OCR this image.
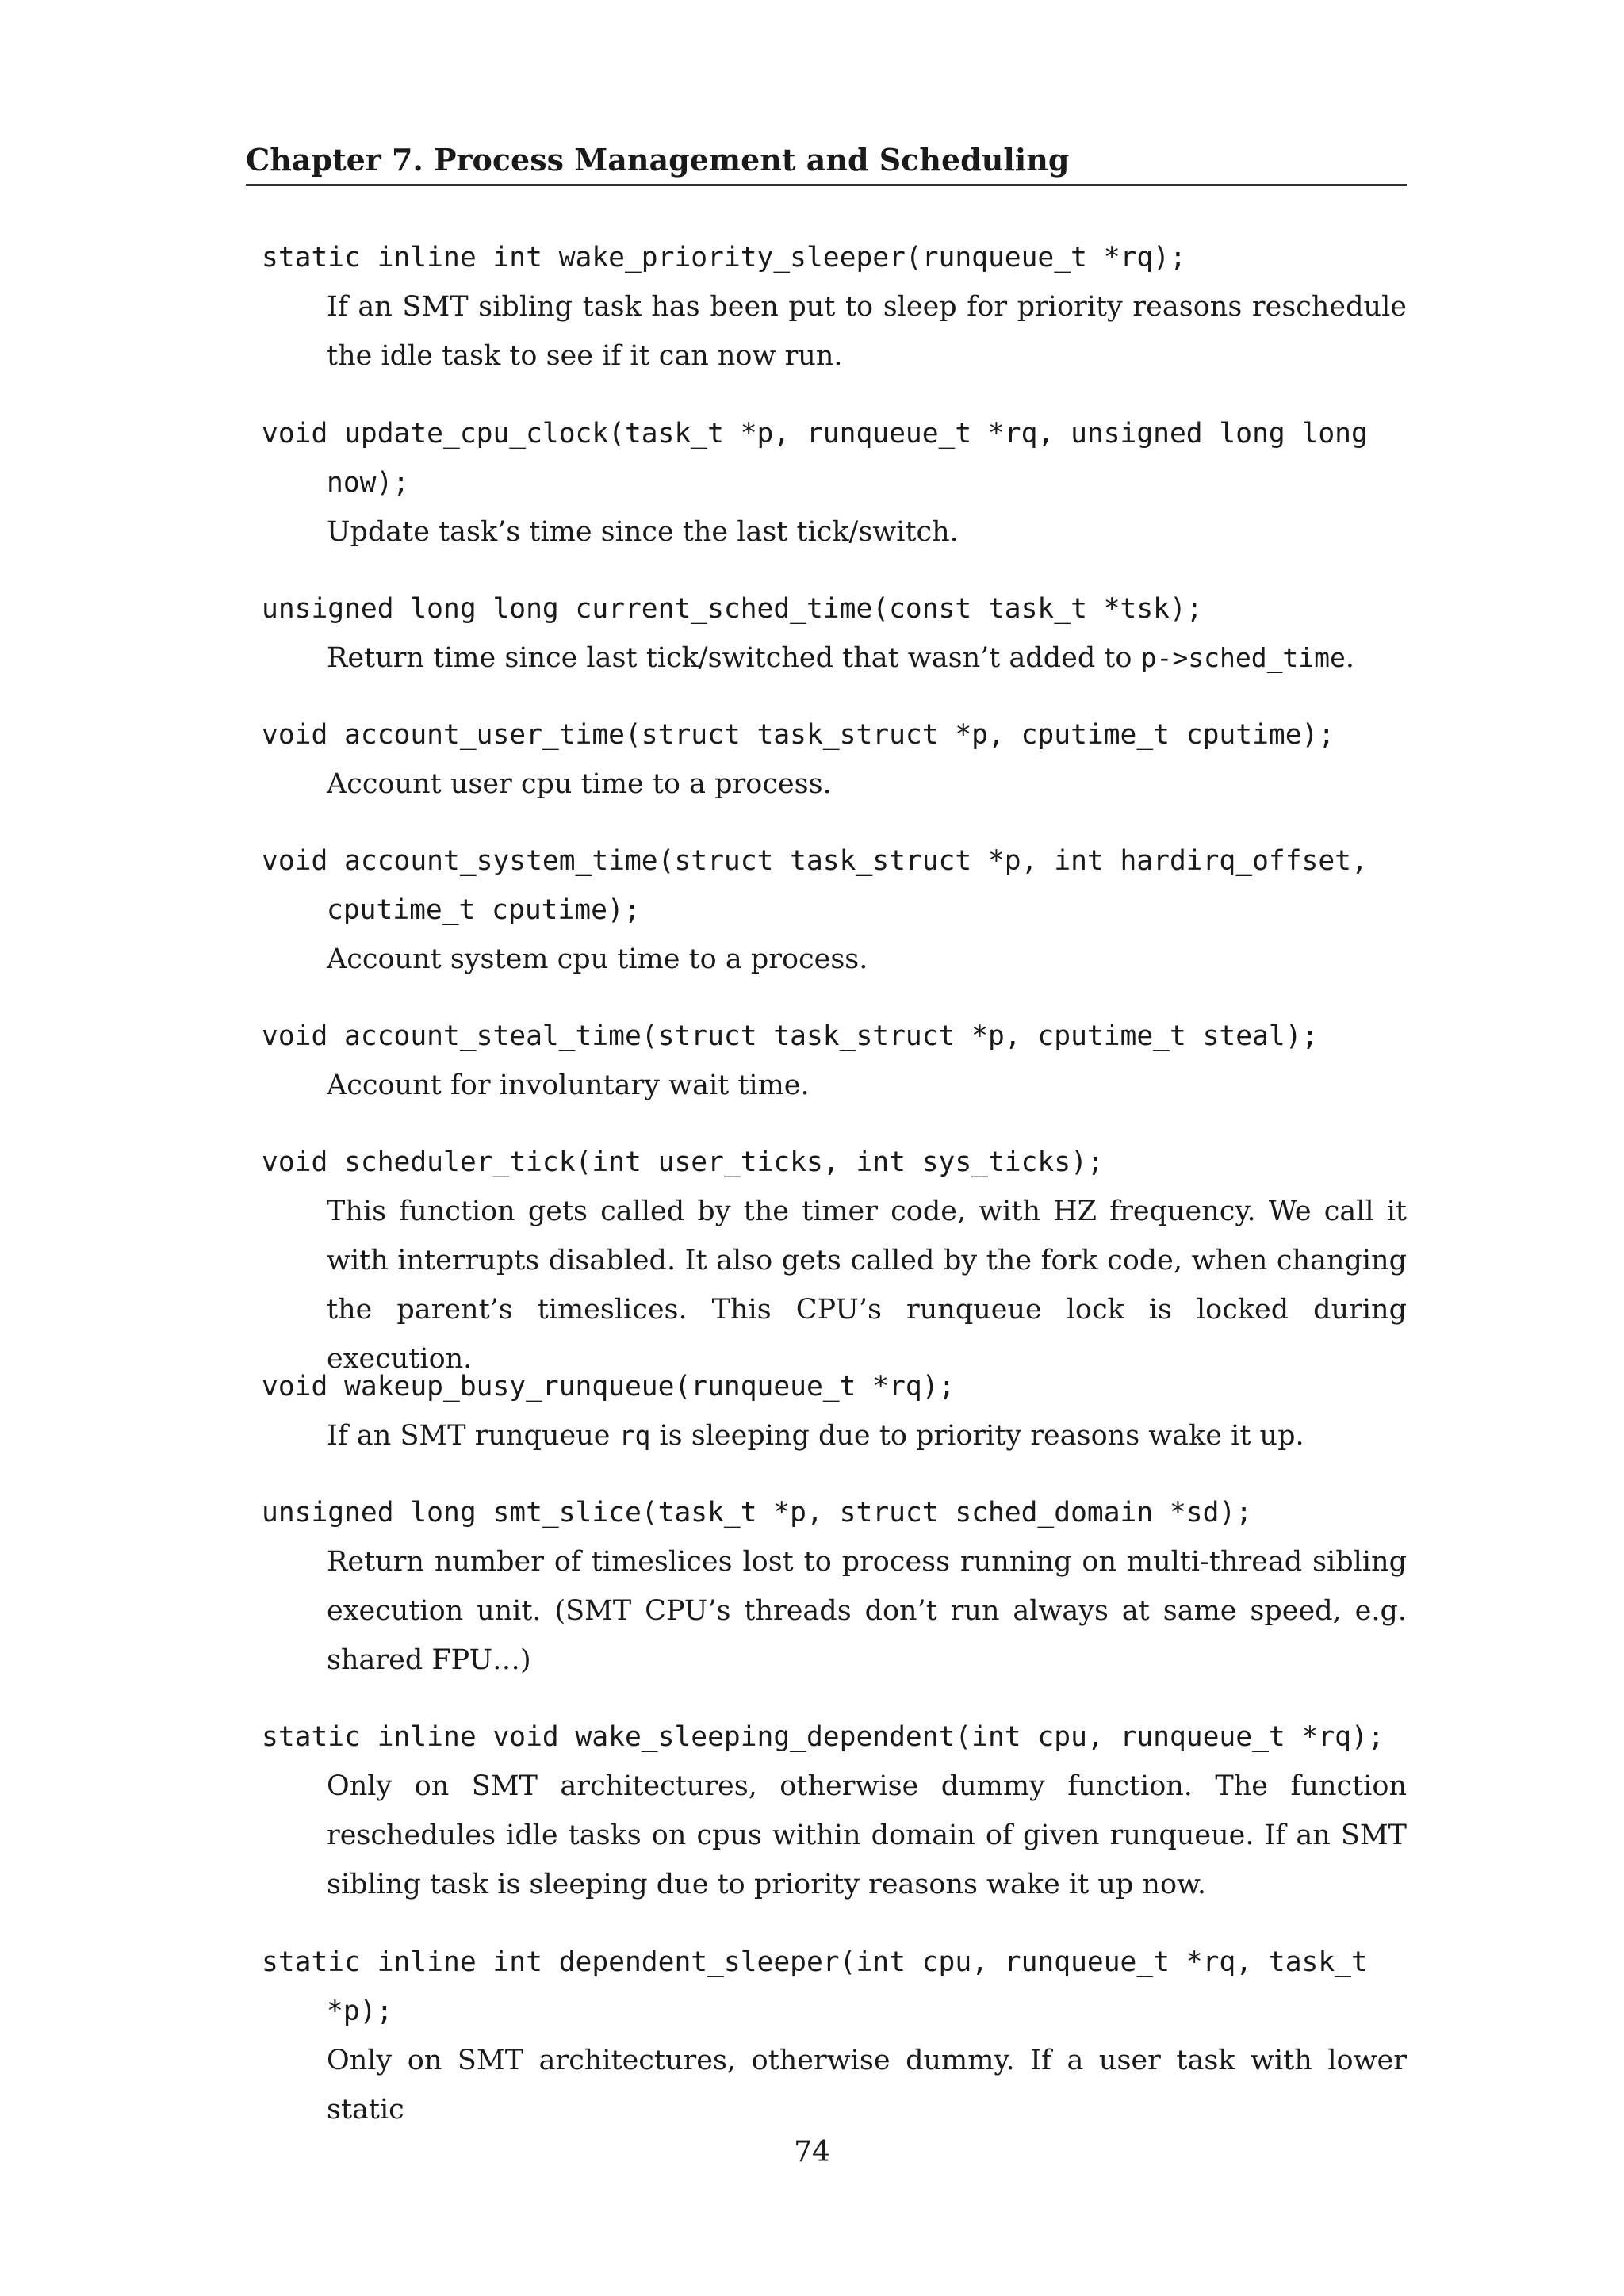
Chapter 7. Process Management and Scheduling

static inline int wake_priority_sleeper(runqueue_t *rq);

If an SMT sibling task has been put to sleep for priority reasons reschedule the idle task to see if it can now run.

void update_cpu_clock(task_t *p, runqueue_t *rq, unsigned long long

now);
Update task’s time since the last tick/switch.

unsigned long long current_sched_time(const task_t *tsk);

Return time since last tick/switched that wasn’t added to p->sched_time.

void account_user_time(struct task_struct *p, cputime_t cputime);

Account user cpu time to a process.

void account_system_time(struct task_struct *p, int hardirq_offset,

cputime_t cputime);
Account system cpu time to a process.

void account_steal_time(struct task_struct *p, cputime_t steal);

Account for involuntary wait time.

void scheduler_tick(int user_ticks, int sys_ticks);

This function gets called by the timer code, with HZ frequency. We call it with interrupts disabled. It also gets called by the fork code, when changing the parent’s timeslices. This CPU’s runqueue lock is locked during execution.

void wakeup_busy_runqueue(runqueue_t *rq);

If an SMT runqueue rq is sleeping due to priority reasons wake it up.

unsigned long smt_slice(task_t *p, struct sched_domain *sd);

Return number of timeslices lost to process running on multi-thread sibling execution unit. (SMT CPU’s threads don’t run always at same speed, e.g. shared FPU…)

static inline void wake_sleeping_dependent(int cpu, runqueue_t *rq);

Only on SMT architectures, otherwise dummy function. The function reschedules idle tasks on cpus within domain of given runqueue. If an SMT sibling task is sleeping due to priority reasons wake it up now.

static inline int dependent_sleeper(int cpu, runqueue_t *rq, task_t

*p);
Only on SMT architectures, otherwise dummy. If a user task with lower static
74
